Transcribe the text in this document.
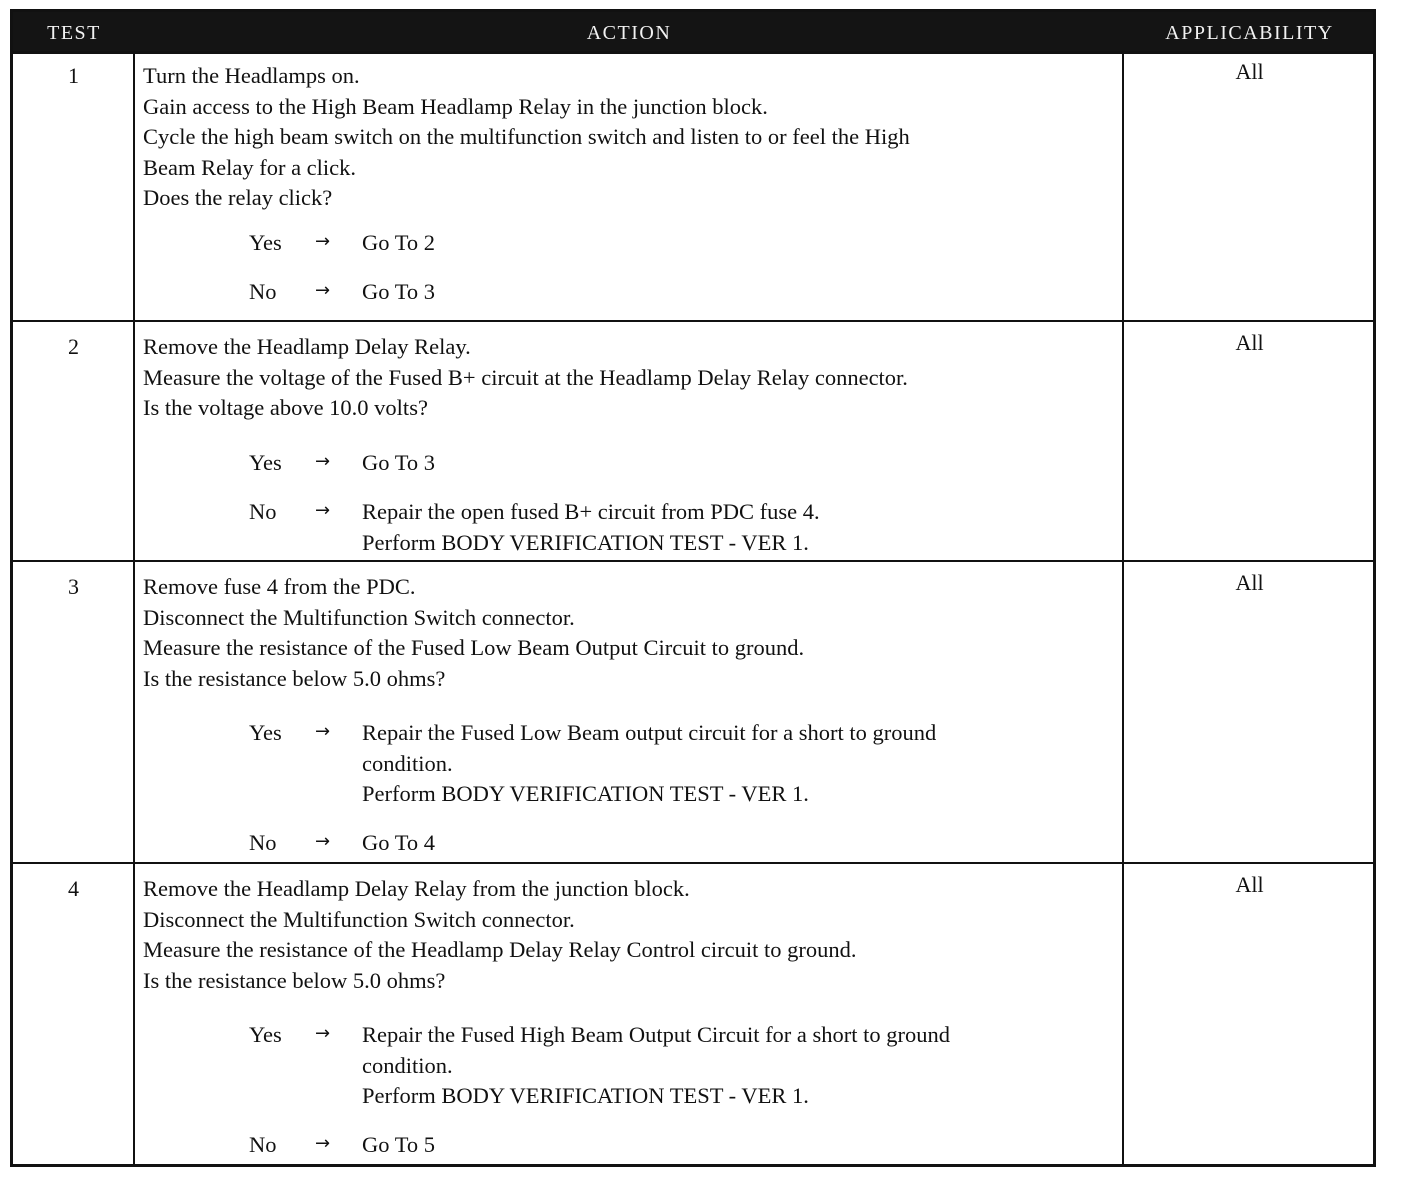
TEST	ACTION	APPLICABILITY
1	Turn the Headlamps on.
Gain access to the High Beam Headlamp Relay in the junction block.
Cycle the high beam switch on the multifunction switch and listen to or feel the High
Beam Relay for a click.
Does the relay click?
Yes → Go To 2
No → Go To 3
All
2	Remove the Headlamp Delay Relay.
Measure the voltage of the Fused B+ circuit at the Headlamp Delay Relay connector.
Is the voltage above 10.0 volts?
Yes → Go To 3
No → Repair the open fused B+ circuit from PDC fuse 4.
Perform BODY VERIFICATION TEST - VER 1.
All
3	Remove fuse 4 from the PDC.
Disconnect the Multifunction Switch connector.
Measure the resistance of the Fused Low Beam Output Circuit to ground.
Is the resistance below 5.0 ohms?
Yes → Repair the Fused Low Beam output circuit for a short to ground
condition.
Perform BODY VERIFICATION TEST - VER 1.
No → Go To 4
All
4	Remove the Headlamp Delay Relay from the junction block.
Disconnect the Multifunction Switch connector.
Measure the resistance of the Headlamp Delay Relay Control circuit to ground.
Is the resistance below 5.0 ohms?
Yes → Repair the Fused High Beam Output Circuit for a short to ground
condition.
Perform BODY VERIFICATION TEST - VER 1.
No → Go To 5
All
